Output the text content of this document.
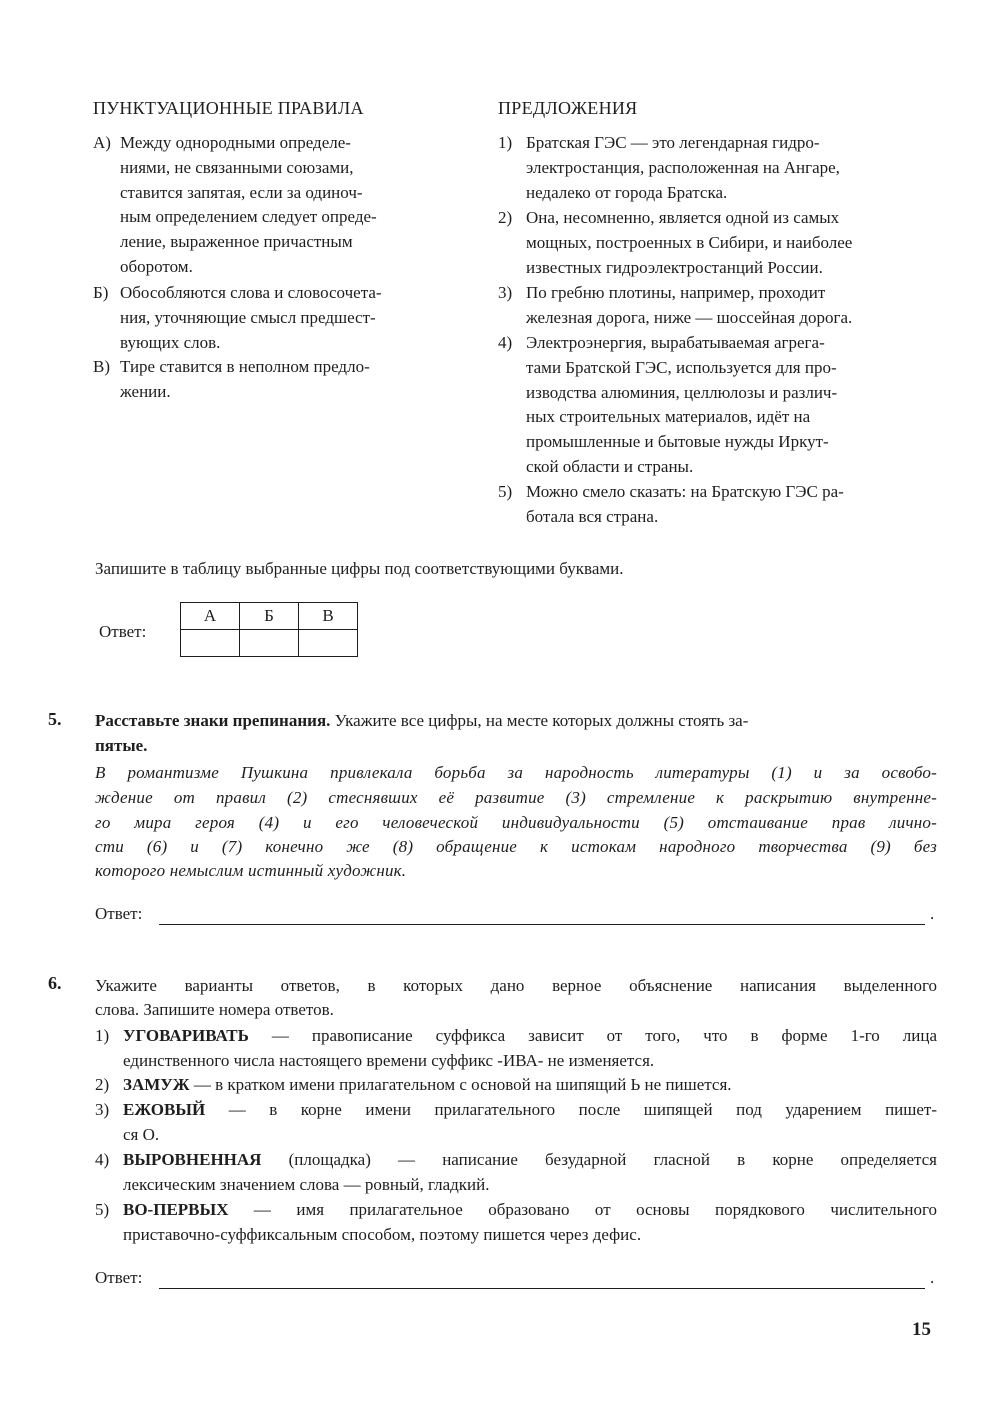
ПУНКТУАЦИОННЫЕ ПРАВИЛА
А) Между однородными определе-
ниями, не связанными союзами,
ставится запятая, если за одиноч-
ным определением следует опреде-
ление, выраженное причастным
оборотом.
Б) Обособляются слова и словосочета-
ния, уточняющие смысл предшест-
вующих слов.
В) Тире ставится в неполном предло-
жении.
ПРЕДЛОЖЕНИЯ
1) Братская ГЭС — это легендарная гидро-
электростанция, расположенная на Ангаре,
недалеко от города Братска.
2) Она, несомненно, является одной из самых
мощных, построенных в Сибири, и наиболее
известных гидроэлектростанций России.
3) По гребню плотины, например, проходит
железная дорога, ниже — шоссейная дорога.
4) Электроэнергия, вырабатываемая агрега-
тами Братской ГЭС, используется для про-
изводства алюминия, целлюлозы и различ-
ных строительных материалов, идёт на
промышленные и бытовые нужды Иркут-
ской области и страны.
5) Можно смело сказать: на Братскую ГЭС ра-
ботала вся страна.
Запишите в таблицу выбранные цифры под соответствующими буквами.
Ответ:
А	Б	В

5. Расставьте знаки препинания. Укажите все цифры, на месте которых должны стоять за-
пятые.
В романтизме Пушкина привлекала борьба за народность литературы (1) и за освобо-
ждение от правил (2) стеснявших её развитие (3) стремление к раскрытию внутренне-
го мира героя (4) и его человеческой индивидуальности (5) отстаивание прав лично-
сти (6) и (7) конечно же (8) обращение к истокам народного творчества (9) без
которого немыслим истинный художник.
Ответ:	.
6. Укажите варианты ответов, в которых дано верное объяснение написания выделенного
слова. Запишите номера ответов.
1) УГОВАРИВАТЬ — правописание суффикса зависит от того, что в форме 1-го лица
единственного числа настоящего времени суффикс -ИВА- не изменяется.
2) ЗАМУЖ — в кратком имени прилагательном с основой на шипящий Ь не пишется.
3) ЕЖОВЫЙ — в корне имени прилагательного после шипящей под ударением пишет-
ся О.
4) ВЫРОВНЕННАЯ (площадка) — написание безударной гласной в корне определяется
лексическим значением слова — ровный, гладкий.
5) ВО-ПЕРВЫХ — имя прилагательное образовано от основы порядкового числительного
приставочно-суффиксальным способом, поэтому пишется через дефис.
Ответ:	.
15
